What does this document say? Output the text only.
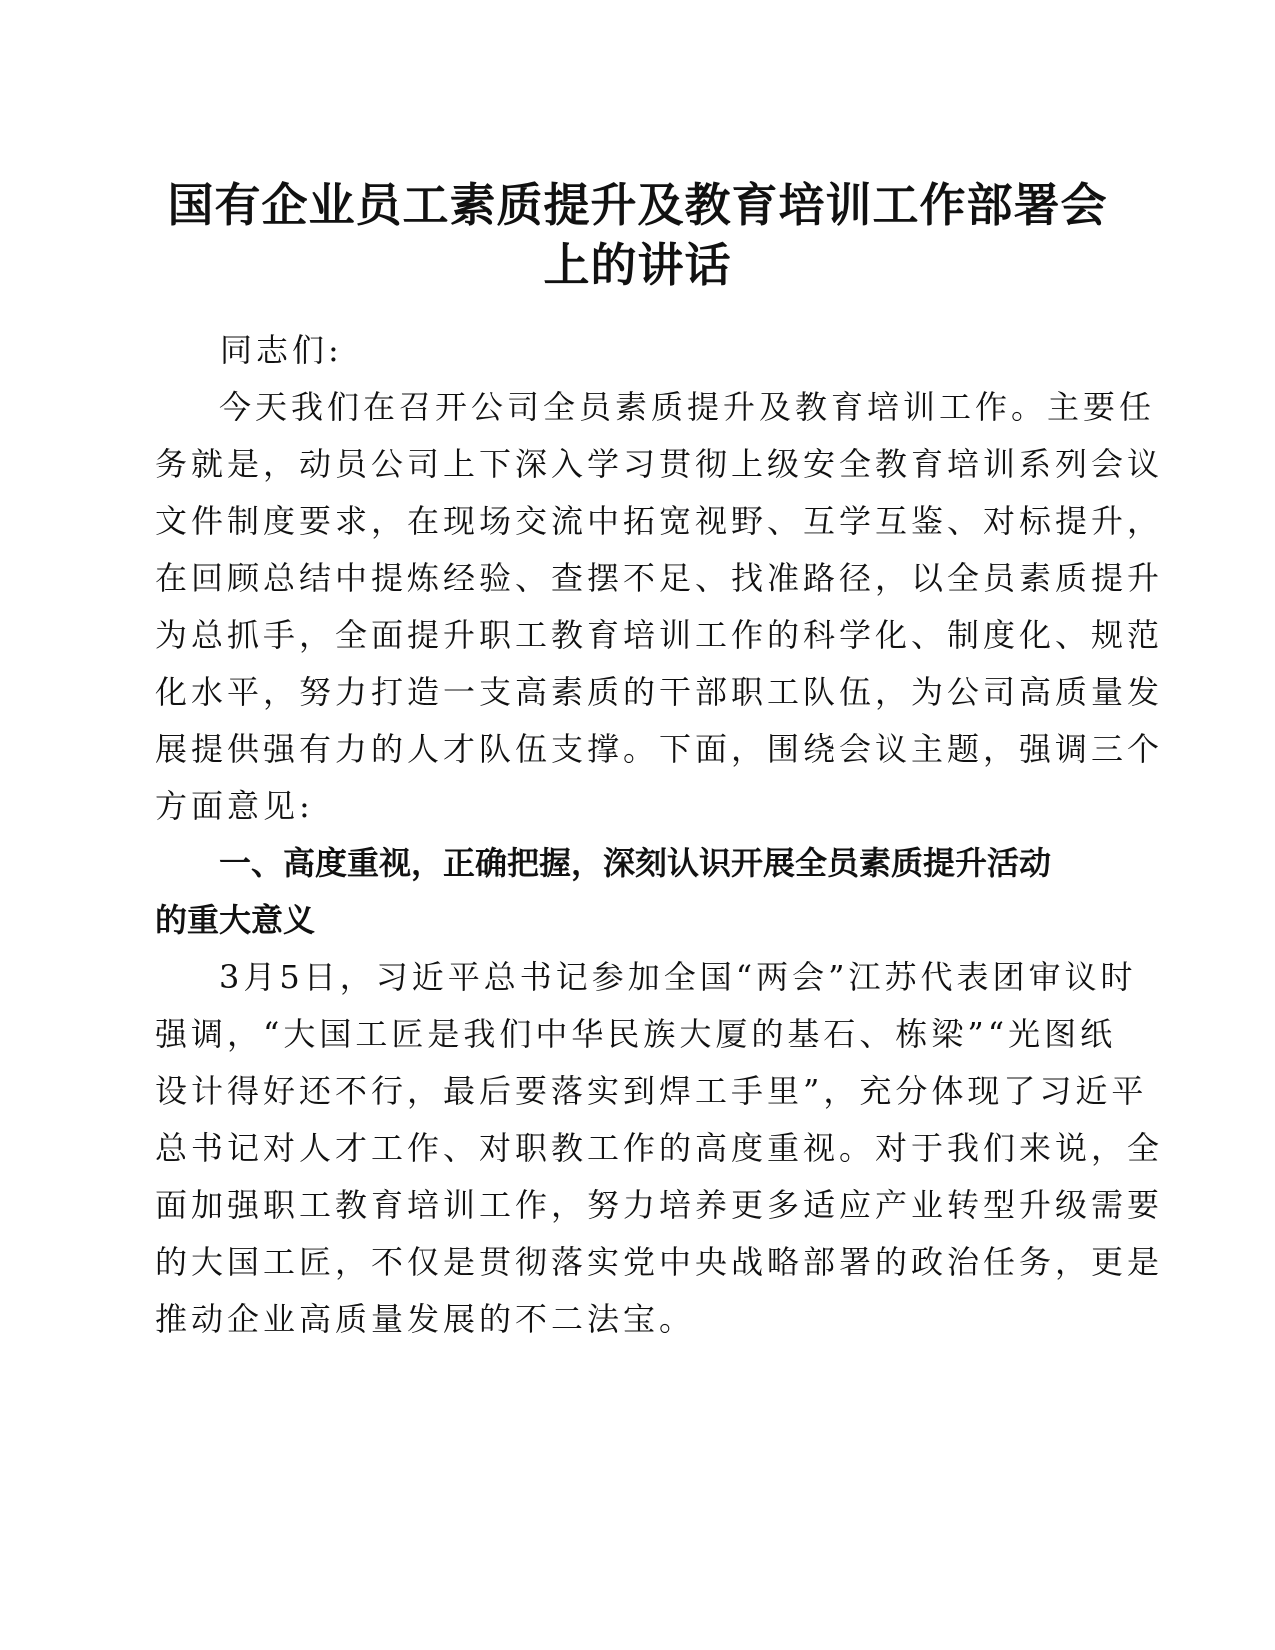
国有企业员工素质提升及教育培训工作部署会
上的讲话

同志们:

今天我们在召开公司全员素质提升及教育培训工作。主要任
务就是，动员公司上下深入学习贯彻上级安全教育培训系列会议
文件制度要求，在现场交流中拓宽视野、互学互鉴、对标提升，
在回顾总结中提炼经验、查摆不足、找准路径，以全员素质提升
为总抓手，全面提升职工教育培训工作的科学化、制度化、规范
化水平，努力打造一支高素质的干部职工队伍，为公司高质量发
展提供强有力的人才队伍支撑。下面，围绕会议主题，强调三个
方面意见:

一、高度重视，正确把握，深刻认识开展全员素质提升活动
的重大意义

3月5日，习近平总书记参加全国“两会”江苏代表团审议时
强调，“大国工匠是我们中华民族大厦的基石、栋梁”“光图纸
设计得好还不行，最后要落实到焊工手里”，充分体现了习近平
总书记对人才工作、对职教工作的高度重视。对于我们来说，全
面加强职工教育培训工作，努力培养更多适应产业转型升级需要
的大国工匠，不仅是贯彻落实党中央战略部署的政治任务，更是
推动企业高质量发展的不二法宝。
